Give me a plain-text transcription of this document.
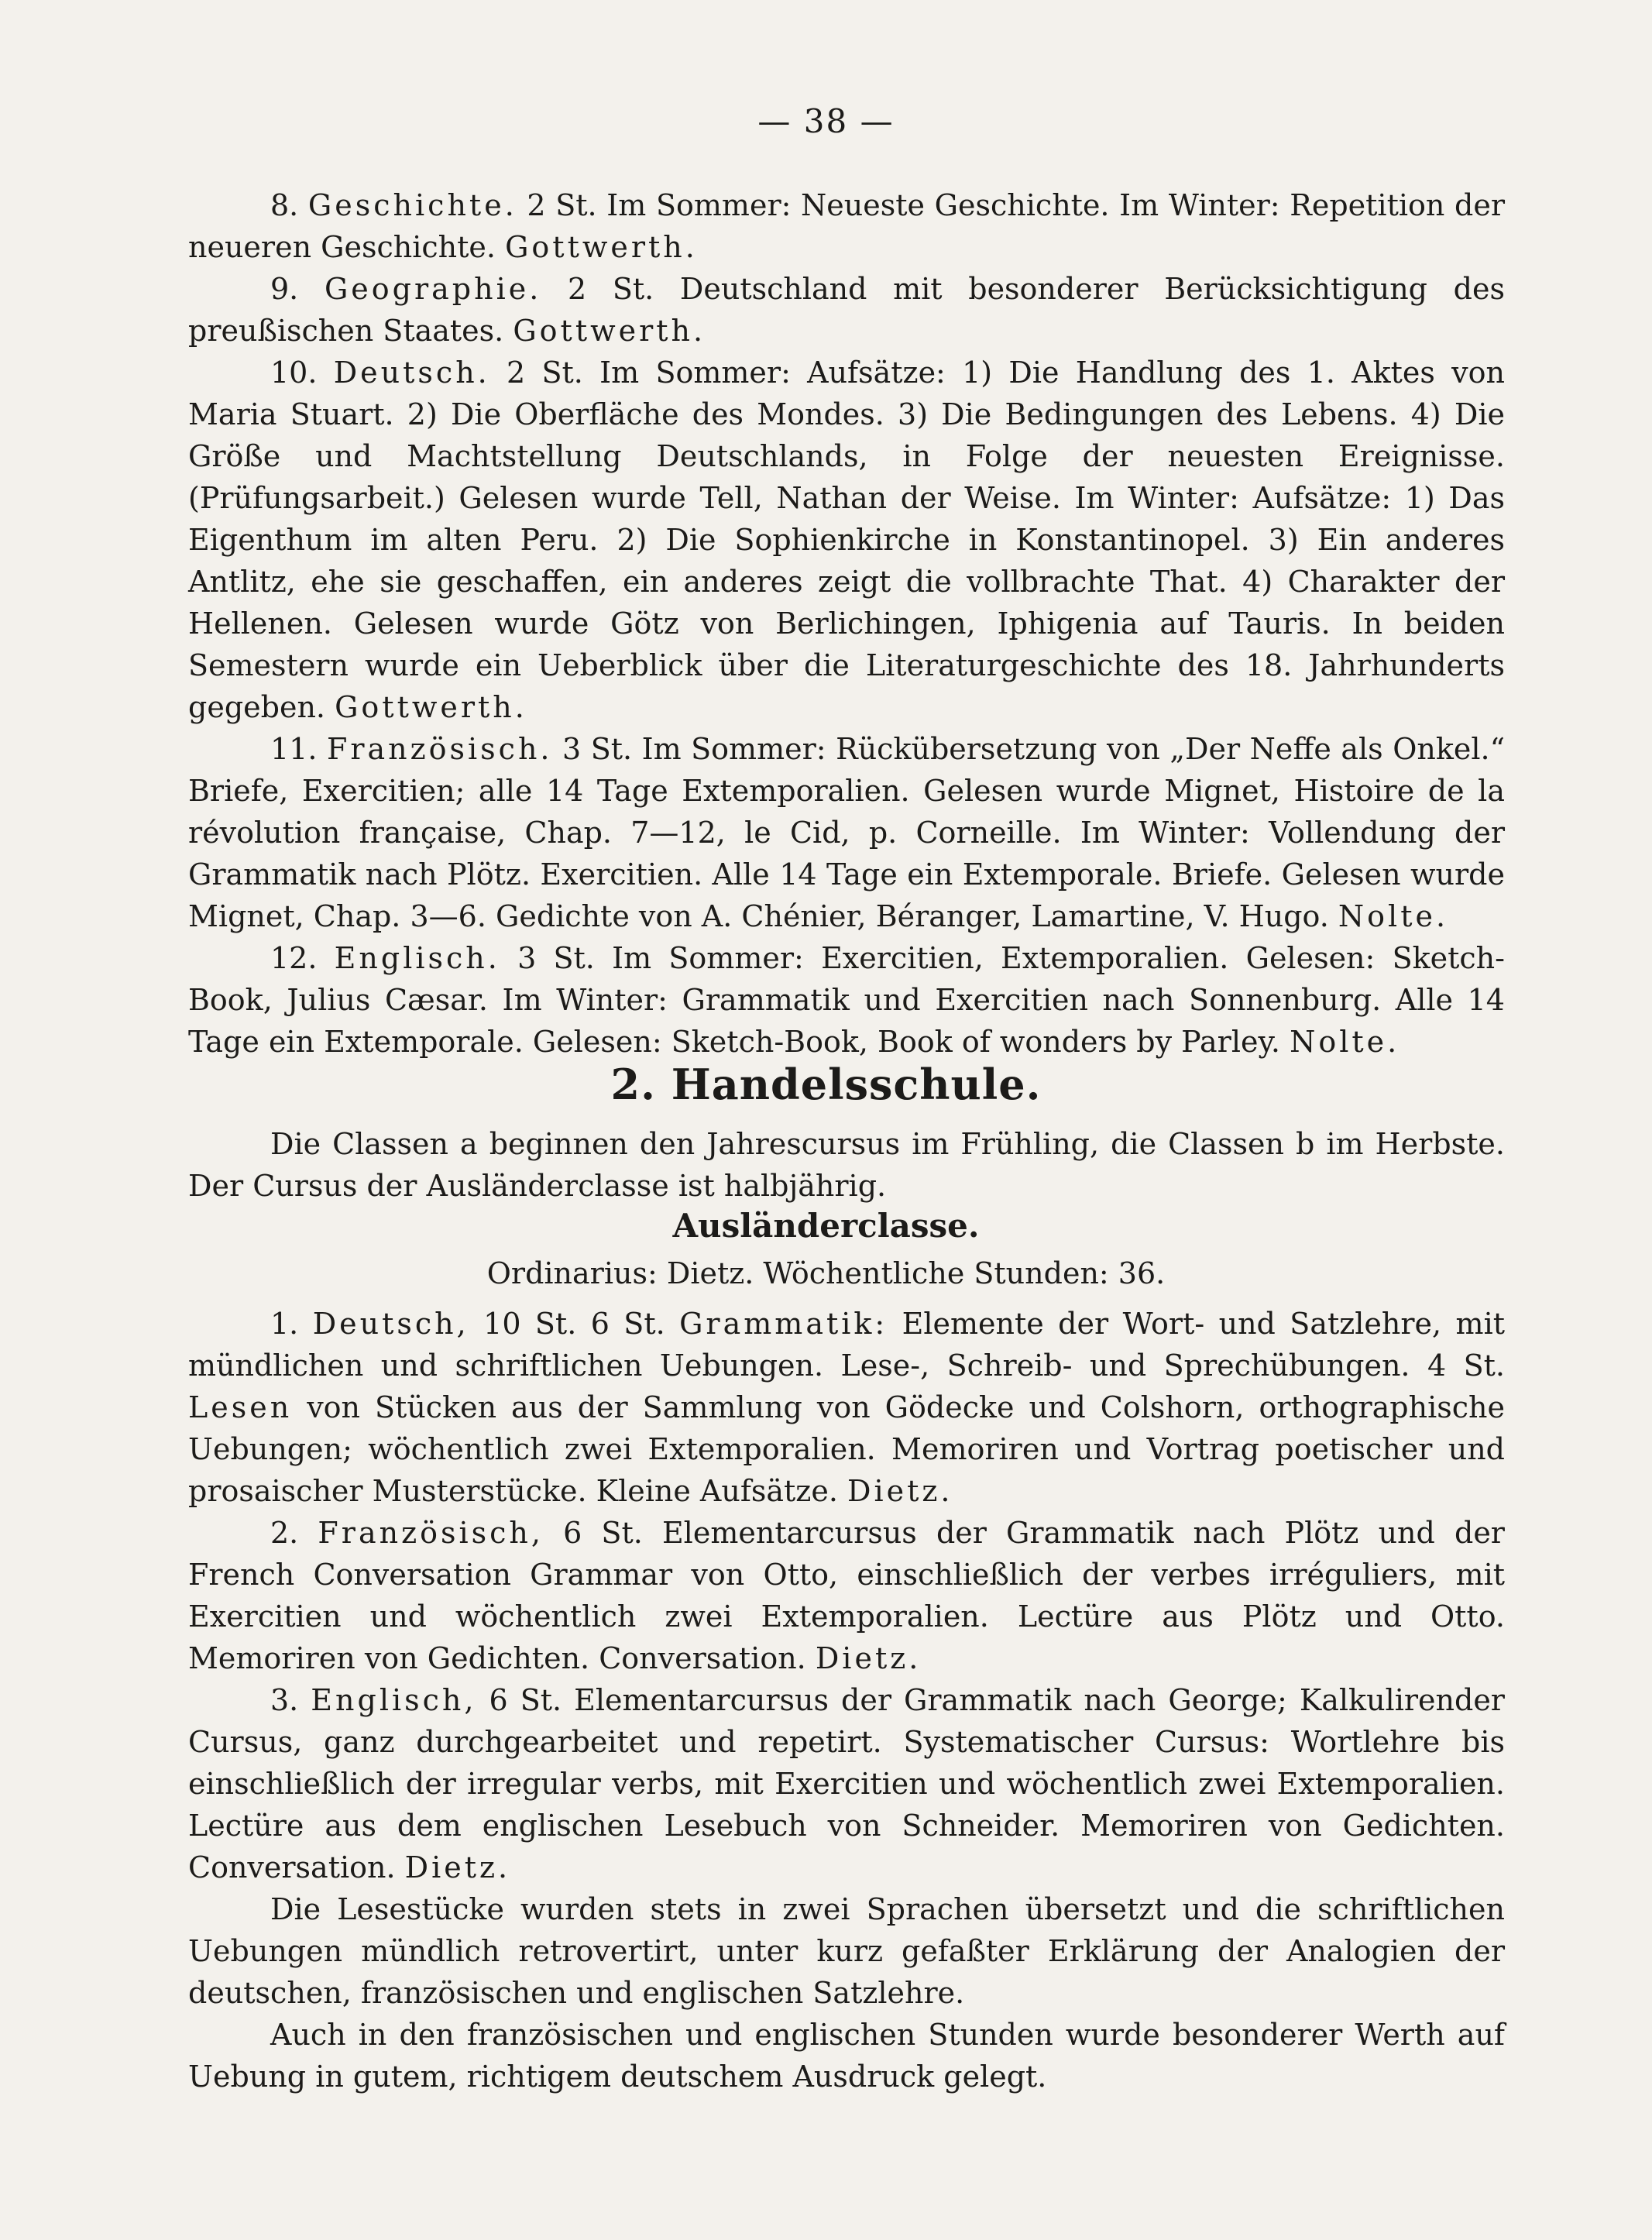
— 38 —

8. Geschichte. 2 St. Im Sommer: Neueste Geschichte. Im Winter: Repetition der neueren Geschichte. Gottwerth.

9. Geographie. 2 St. Deutschland mit besonderer Berücksichtigung des preußischen Staates. Gottwerth.

10. Deutsch. 2 St. Im Sommer: Aufsätze: 1) Die Handlung des 1. Aktes von Maria Stuart. 2) Die Oberfläche des Mondes. 3) Die Bedingungen des Lebens. 4) Die Größe und Machtstellung Deutschlands, in Folge der neuesten Ereignisse. (Prüfungsarbeit.) Gelesen wurde Tell, Nathan der Weise. Im Winter: Aufsätze: 1) Das Eigenthum im alten Peru. 2) Die Sophienkirche in Konstantinopel. 3) Ein anderes Antlitz, ehe sie geschaffen, ein anderes zeigt die vollbrachte That. 4) Charakter der Hellenen. Gelesen wurde Götz von Berlichingen, Iphigenia auf Tauris. In beiden Semestern wurde ein Ueberblick über die Literaturgeschichte des 18. Jahrhunderts gegeben. Gottwerth.

11. Französisch. 3 St. Im Sommer: Rückübersetzung von „Der Neffe als Onkel.“ Briefe, Exercitien; alle 14 Tage Extemporalien. Gelesen wurde Mignet, Histoire de la révolution française, Chap. 7—12, le Cid, p. Corneille. Im Winter: Vollendung der Grammatik nach Plötz. Exercitien. Alle 14 Tage ein Extemporale. Briefe. Gelesen wurde Mignet, Chap. 3—6. Gedichte von A. Chénier, Béranger, Lamartine, V. Hugo. Nolte.

12. Englisch. 3 St. Im Sommer: Exercitien, Extemporalien. Gelesen: Sketch-Book, Julius Cæsar. Im Winter: Grammatik und Exercitien nach Sonnenburg. Alle 14 Tage ein Extemporale. Gelesen: Sketch-Book, Book of wonders by Parley. Nolte.

2. Handelsschule.

Die Classen a beginnen den Jahrescursus im Frühling, die Classen b im Herbste. Der Cursus der Ausländerclasse ist halbjährig.

Ausländerclasse.
Ordinarius: Dietz. Wöchentliche Stunden: 36.

1. Deutsch, 10 St. 6 St. Grammatik: Elemente der Wort- und Satzlehre, mit mündlichen und schriftlichen Uebungen. Lese-, Schreib- und Sprechübungen. 4 St. Lesen von Stücken aus der Sammlung von Gödecke und Colshorn, orthographische Uebungen; wöchentlich zwei Extemporalien. Memoriren und Vortrag poetischer und prosaischer Musterstücke. Kleine Aufsätze. Dietz.

2. Französisch, 6 St. Elementarcursus der Grammatik nach Plötz und der French Conversation Grammar von Otto, einschließlich der verbes irréguliers, mit Exercitien und wöchentlich zwei Extemporalien. Lectüre aus Plötz und Otto. Memoriren von Gedichten. Conversation. Dietz.

3. Englisch, 6 St. Elementarcursus der Grammatik nach George; Kalkulirender Cursus, ganz durchgearbeitet und repetirt. Systematischer Cursus: Wortlehre bis einschließlich der irregular verbs, mit Exercitien und wöchentlich zwei Extemporalien. Lectüre aus dem englischen Lesebuch von Schneider. Memoriren von Gedichten. Conversation. Dietz.

Die Lesestücke wurden stets in zwei Sprachen übersetzt und die schriftlichen Uebungen mündlich retrovertirt, unter kurz gefaßter Erklärung der Analogien der deutschen, französischen und englischen Satzlehre.

Auch in den französischen und englischen Stunden wurde besonderer Werth auf Uebung in gutem, richtigem deutschem Ausdruck gelegt.
